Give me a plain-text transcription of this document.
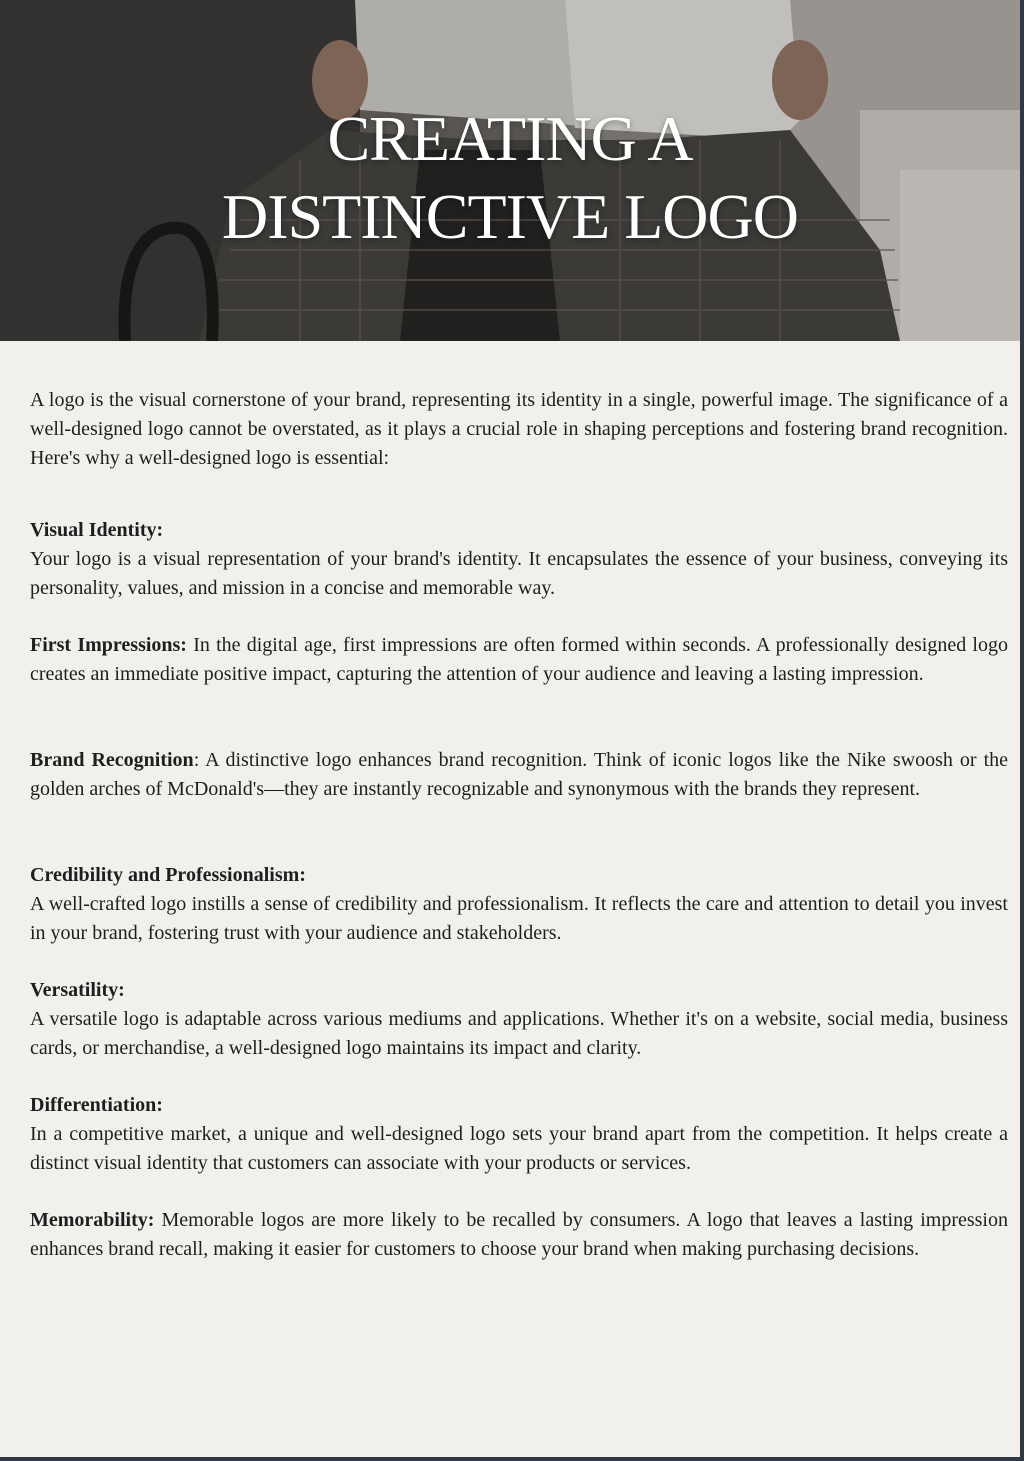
CREATING A
DISTINCTIVE LOGO

A logo is the visual cornerstone of your brand, representing its identity in a single, powerful image. The significance of a well-designed logo cannot be overstated, as it plays a crucial role in shaping perceptions and fostering brand recognition. Here's why a well-designed logo is essential:

Visual Identity:

Your logo is a visual representation of your brand's identity. It encapsulates the essence of your business, conveying its personality, values, and mission in a concise and memorable way.

First Impressions: In the digital age, first impressions are often formed within seconds. A professionally designed logo creates an immediate positive impact, capturing the attention of your audience and leaving a lasting impression.

Brand Recognition: A distinctive logo enhances brand recognition. Think of iconic logos like the Nike swoosh or the golden arches of McDonald's—they are instantly recognizable and synonymous with the brands they represent.

Credibility and Professionalism:

A well-crafted logo instills a sense of credibility and professionalism. It reflects the care and attention to detail you invest in your brand, fostering trust with your audience and stakeholders.

Versatility:

A versatile logo is adaptable across various mediums and applications. Whether it's on a website, social media, business cards, or merchandise, a well-designed logo maintains its impact and clarity.

Differentiation:

In a competitive market, a unique and well-designed logo sets your brand apart from the competition. It helps create a distinct visual identity that customers can associate with your products or services.

Memorability: Memorable logos are more likely to be recalled by consumers. A logo that leaves a lasting impression enhances brand recall, making it easier for customers to choose your brand when making purchasing decisions.
